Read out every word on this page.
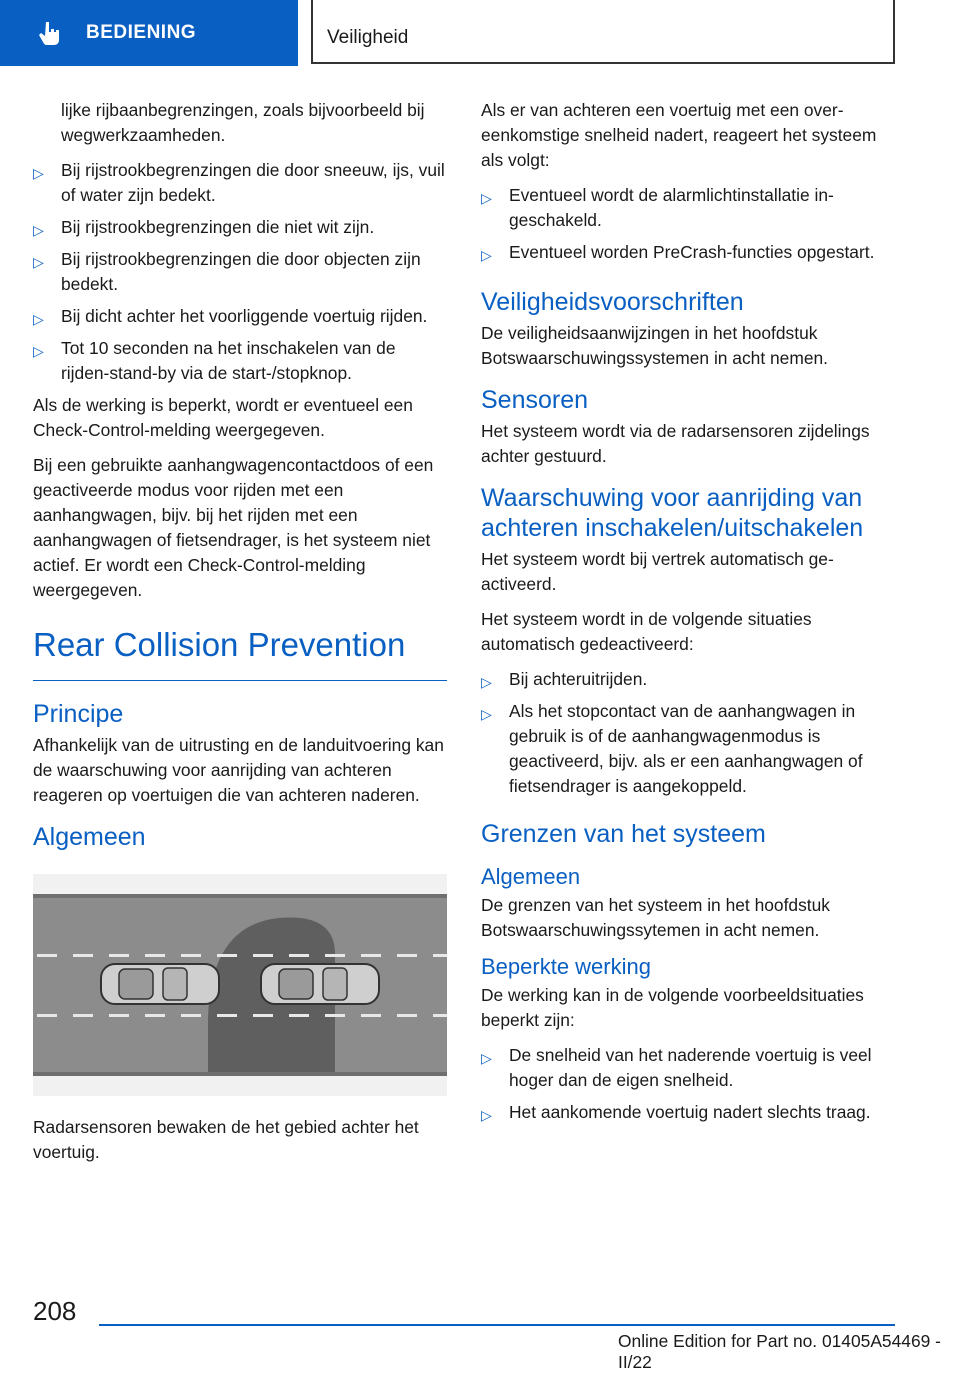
BEDIENING	Veiligheid

lijke rijbaanbegrenzingen, zoals bijvoorbeeld bij wegwerkzaamheden.

▷ Bij rijstrookbegrenzingen die door sneeuw, ijs, vuil of water zijn bedekt.
▷ Bij rijstrookbegrenzingen die niet wit zijn.
▷ Bij rijstrookbegrenzingen die door objecten zijn bedekt.
▷ Bij dicht achter het voorliggende voertuig rijden.
▷ Tot 10 seconden na het inschakelen van de rijden-stand-by via de start-/stopknop.

Als de werking is beperkt, wordt er eventueel een Check-Control-melding weergegeven.

Bij een gebruikte aanhangwagencontactdoos of een geactiveerde modus voor rijden met een aanhangwagen, bijv. bij het rijden met een aanhangwagen of fietsendrager, is het systeem niet actief. Er wordt een Check-Control-melding weergegeven.

Rear Collision Prevention
Principe

Afhankelijk van de uitrusting en de landuitvoering kan de waarschuwing voor aanrijding van achteren reageren op voertuigen die van achteren naderen.

Algemeen

Radarsensoren bewaken de het gebied achter het voertuig.

Als er van achteren een voertuig met een overeenkomstige snelheid nadert, reageert het systeem als volgt:

▷ Eventueel wordt de alarmlichtinstallatie ingeschakeld.
▷ Eventueel worden PreCrash-functies opgestart.
Veiligheidsvoorschriften

De veiligheidsaanwijzingen in het hoofdstuk Botswaarschuwingssystemen in acht nemen.

Sensoren

Het systeem wordt via de radarsensoren zijdelings achter gestuurd.

Waarschuwing voor aanrijding van achteren inschakelen/uitschakelen

Het systeem wordt bij vertrek automatisch geactiveerd.

Het systeem wordt in de volgende situaties automatisch gedeactiveerd:

▷ Bij achteruitrijden.
▷ Als het stopcontact van de aanhangwagen in gebruik is of de aanhangwagenmodus is geactiveerd, bijv. als er een aanhangwagen of fietsendrager is aangekoppeld.
Grenzen van het systeem
Algemeen

De grenzen van het systeem in het hoofdstuk Botswaarschuwingssytemen in acht nemen.

Beperkte werking

De werking kan in de volgende voorbeeldsituaties beperkt zijn:

▷ De snelheid van het naderende voertuig is veel hoger dan de eigen snelheid.
▷ Het aankomende voertuig nadert slechts traag.
208
Online Edition for Part no. 01405A54469 - II/22
